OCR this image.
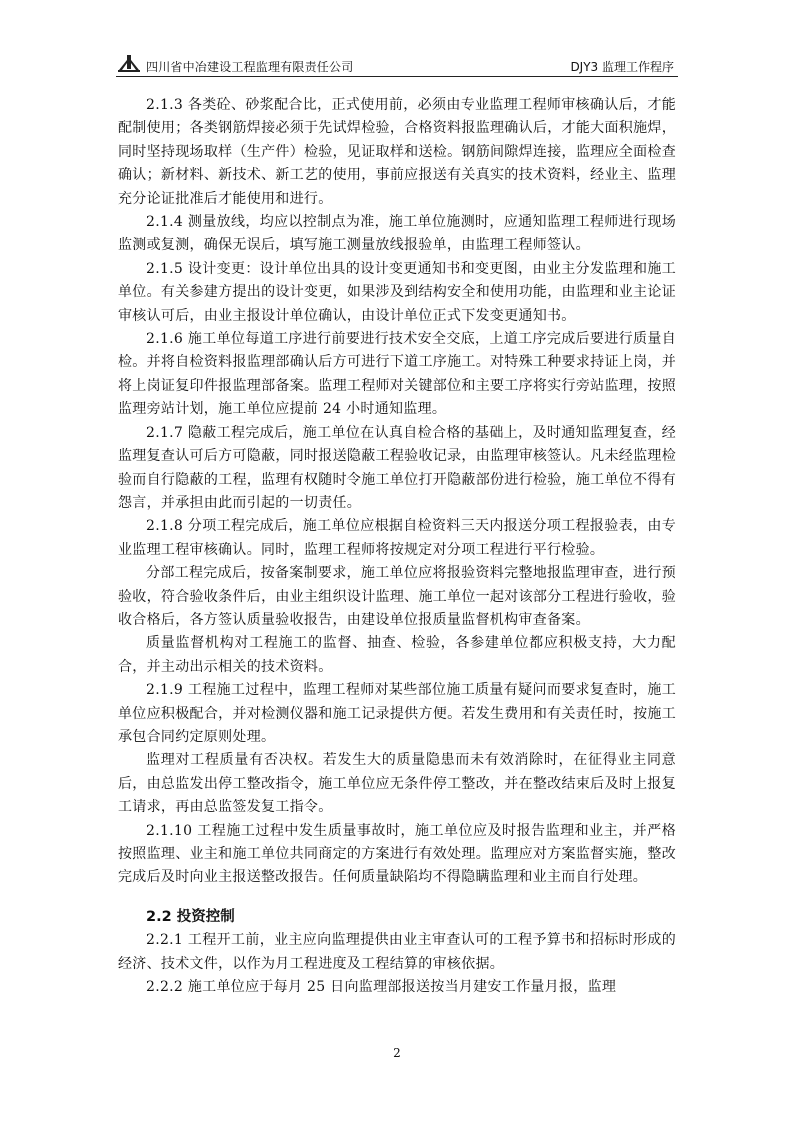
四川省中冶建设工程监理有限责任公司	DJY3 监理工作程序

2.1.3 各类砼、砂浆配合比，正式使用前，必须由专业监理工程师审核确认后，才能配制使用；各类钢筋焊接必须于先试焊检验，合格资料报监理确认后，才能大面积施焊，同时坚持现场取样（生产件）检验，见证取样和送检。钢筋间隙焊连接，监理应全面检查确认；新材料、新技术、新工艺的使用，事前应报送有关真实的技术资料，经业主、监理充分论证批准后才能使用和进行。

2.1.4 测量放线，均应以控制点为准，施工单位施测时，应通知监理工程师进行现场监测或复测，确保无误后，填写施工测量放线报验单，由监理工程师签认。

2.1.5 设计变更：设计单位出具的设计变更通知书和变更图，由业主分发监理和施工单位。有关参建方提出的设计变更，如果涉及到结构安全和使用功能，由监理和业主论证审核认可后，由业主报设计单位确认，由设计单位正式下发变更通知书。

2.1.6 施工单位每道工序进行前要进行技术安全交底，上道工序完成后要进行质量自检。并将自检资料报监理部确认后方可进行下道工序施工。对特殊工种要求持证上岗，并将上岗证复印件报监理部备案。监理工程师对关键部位和主要工序将实行旁站监理，按照监理旁站计划，施工单位应提前 24 小时通知监理。

2.1.7 隐蔽工程完成后，施工单位在认真自检合格的基础上，及时通知监理复查，经监理复查认可后方可隐蔽，同时报送隐蔽工程验收记录，由监理审核签认。凡未经监理检验而自行隐蔽的工程，监理有权随时令施工单位打开隐蔽部份进行检验，施工单位不得有怨言，并承担由此而引起的一切责任。

2.1.8 分项工程完成后，施工单位应根据自检资料三天内报送分项工程报验表，由专业监理工程审核确认。同时，监理工程师将按规定对分项工程进行平行检验。

分部工程完成后，按备案制要求，施工单位应将报验资料完整地报监理审查，进行预验收，符合验收条件后，由业主组织设计监理、施工单位一起对该部分工程进行验收，验收合格后，各方签认质量验收报告，由建设单位报质量监督机构审查备案。

质量监督机构对工程施工的监督、抽查、检验，各参建单位都应积极支持，大力配合，并主动出示相关的技术资料。

2.1.9 工程施工过程中，监理工程师对某些部位施工质量有疑问而要求复查时，施工单位应积极配合，并对检测仪器和施工记录提供方便。若发生费用和有关责任时，按施工承包合同约定原则处理。

监理对工程质量有否决权。若发生大的质量隐患而未有效消除时，在征得业主同意后，由总监发出停工整改指令，施工单位应无条件停工整改，并在整改结束后及时上报复工请求，再由总监签发复工指令。

2.1.10 工程施工过程中发生质量事故时，施工单位应及时报告监理和业主，并严格按照监理、业主和施工单位共同商定的方案进行有效处理。监理应对方案监督实施，整改完成后及时向业主报送整改报告。任何质量缺陷均不得隐瞒监理和业主而自行处理。

2.2 投资控制

2.2.1 工程开工前，业主应向监理提供由业主审查认可的工程予算书和招标时形成的经济、技术文件，以作为月工程进度及工程结算的审核依据。

2.2.2 施工单位应于每月 25 日向监理部报送按当月建安工作量月报，监理

2
